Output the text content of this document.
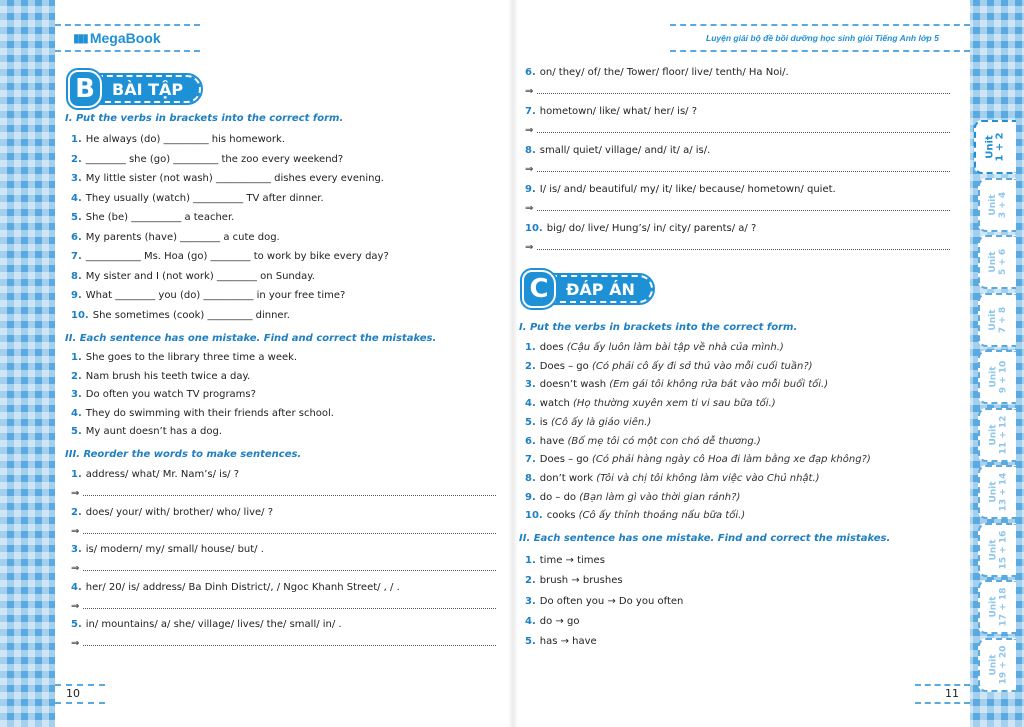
▮▮▮ MegaBook	Luyện giải bộ đề bồi dưỡng học sinh giỏi Tiếng Anh lớp 5
B	BÀI TẬP
I. Put the verbs in brackets into the correct form.
1. He always (do) _________ his homework.
2. ________ she (go) _________ the zoo every weekend?
3. My little sister (not wash) ___________ dishes every evening.
4. They usually (watch) __________ TV after dinner.
5. She (be) __________ a teacher.
6. My parents (have) ________ a cute dog.
7. ___________ Ms. Hoa (go) ________ to work by bike every day?
8. My sister and I (not work) ________ on Sunday.
9. What ________ you (do) __________ in your free time?
10. She sometimes (cook) _________ dinner.
II. Each sentence has one mistake. Find and correct the mistakes.
1. She goes to the library three time a week.
2. Nam brush his teeth twice a day.
3. Do often you watch TV programs?
4. They do swimming with their friends after school.
5. My aunt doesn’t has a dog.
III. Reorder the words to make sentences.
1. address/ what/ Mr. Nam’s/ is/ ?
⇒
2. does/ your/ with/ brother/ who/ live/ ?
⇒
3. is/ modern/ my/ small/ house/ but/ .
⇒
4. her/ 20/ is/ address/ Ba Dinh District/, / Ngoc Khanh Street/ , / .
⇒
5. in/ mountains/ a/ she/ village/ lives/ the/ small/ in/ .
⇒
10
6. on/ they/ of/ the/ Tower/ floor/ live/ tenth/ Ha Noi/.
⇒
7. hometown/ like/ what/ her/ is/ ?
⇒
8. small/ quiet/ village/ and/ it/ a/ is/.
⇒
9. I/ is/ and/ beautiful/ my/ it/ like/ because/ hometown/ quiet.
⇒
10. big/ do/ live/ Hung’s/ in/ city/ parents/ a/ ?
⇒
C	ĐÁP ÁN
I. Put the verbs in brackets into the correct form.
1. does (Cậu ấy luôn làm bài tập về nhà của mình.)
2. Does – go (Có phải cô ấy đi sở thú vào mỗi cuối tuần?)
3. doesn’t wash (Em gái tôi không rửa bát vào mỗi buổi tối.)
4. watch (Họ thường xuyên xem ti vi sau bữa tối.)
5. is (Cô ấy là giáo viên.)
6. have (Bố mẹ tôi có một con chó dễ thương.)
7. Does – go (Có phải hàng ngày cô Hoa đi làm bằng xe đạp không?)
8. don’t work (Tôi và chị tôi không làm việc vào Chủ nhật.)
9. do – do (Bạn làm gì vào thời gian rảnh?)
10. cooks (Cô ấy thỉnh thoảng nấu bữa tối.)
II. Each sentence has one mistake. Find and correct the mistakes.
1. time → times
2. brush → brushes
3. Do often you → Do you often
4. do → go
5. has → have
11
Unit 1 + 2
Unit 3 + 4
Unit 5 + 6
Unit 7 + 8
Unit 9 + 10
Unit 11 + 12
Unit 13 + 14
Unit 15 + 16
Unit 17 + 18
Unit 19 + 20
